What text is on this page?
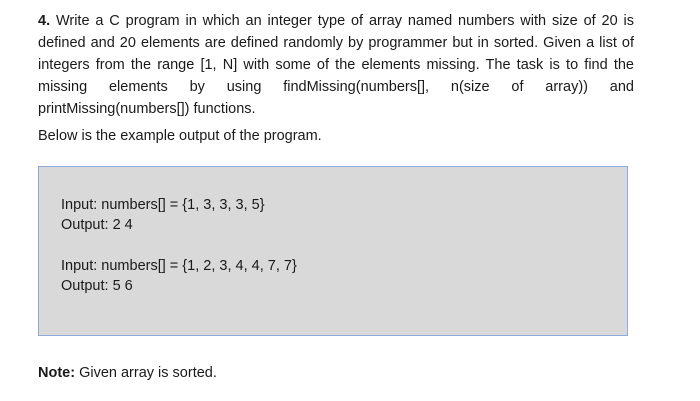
4. Write a C program in which an integer type of array named numbers with size of 20 is defined and 20 elements are defined randomly by programmer but in sorted. Given a list of integers from the range [1, N] with some of the elements missing. The task is to find the missing elements by using findMissing(numbers[], n(size of array)) and printMissing(numbers[]) functions.
Below is the example output of the program.
Input: numbers[] = {1, 3, 3, 3, 5}
Output: 2 4
Input: numbers[] = {1, 2, 3, 4, 4, 7, 7}
Output: 5 6
Note: Given array is sorted.
